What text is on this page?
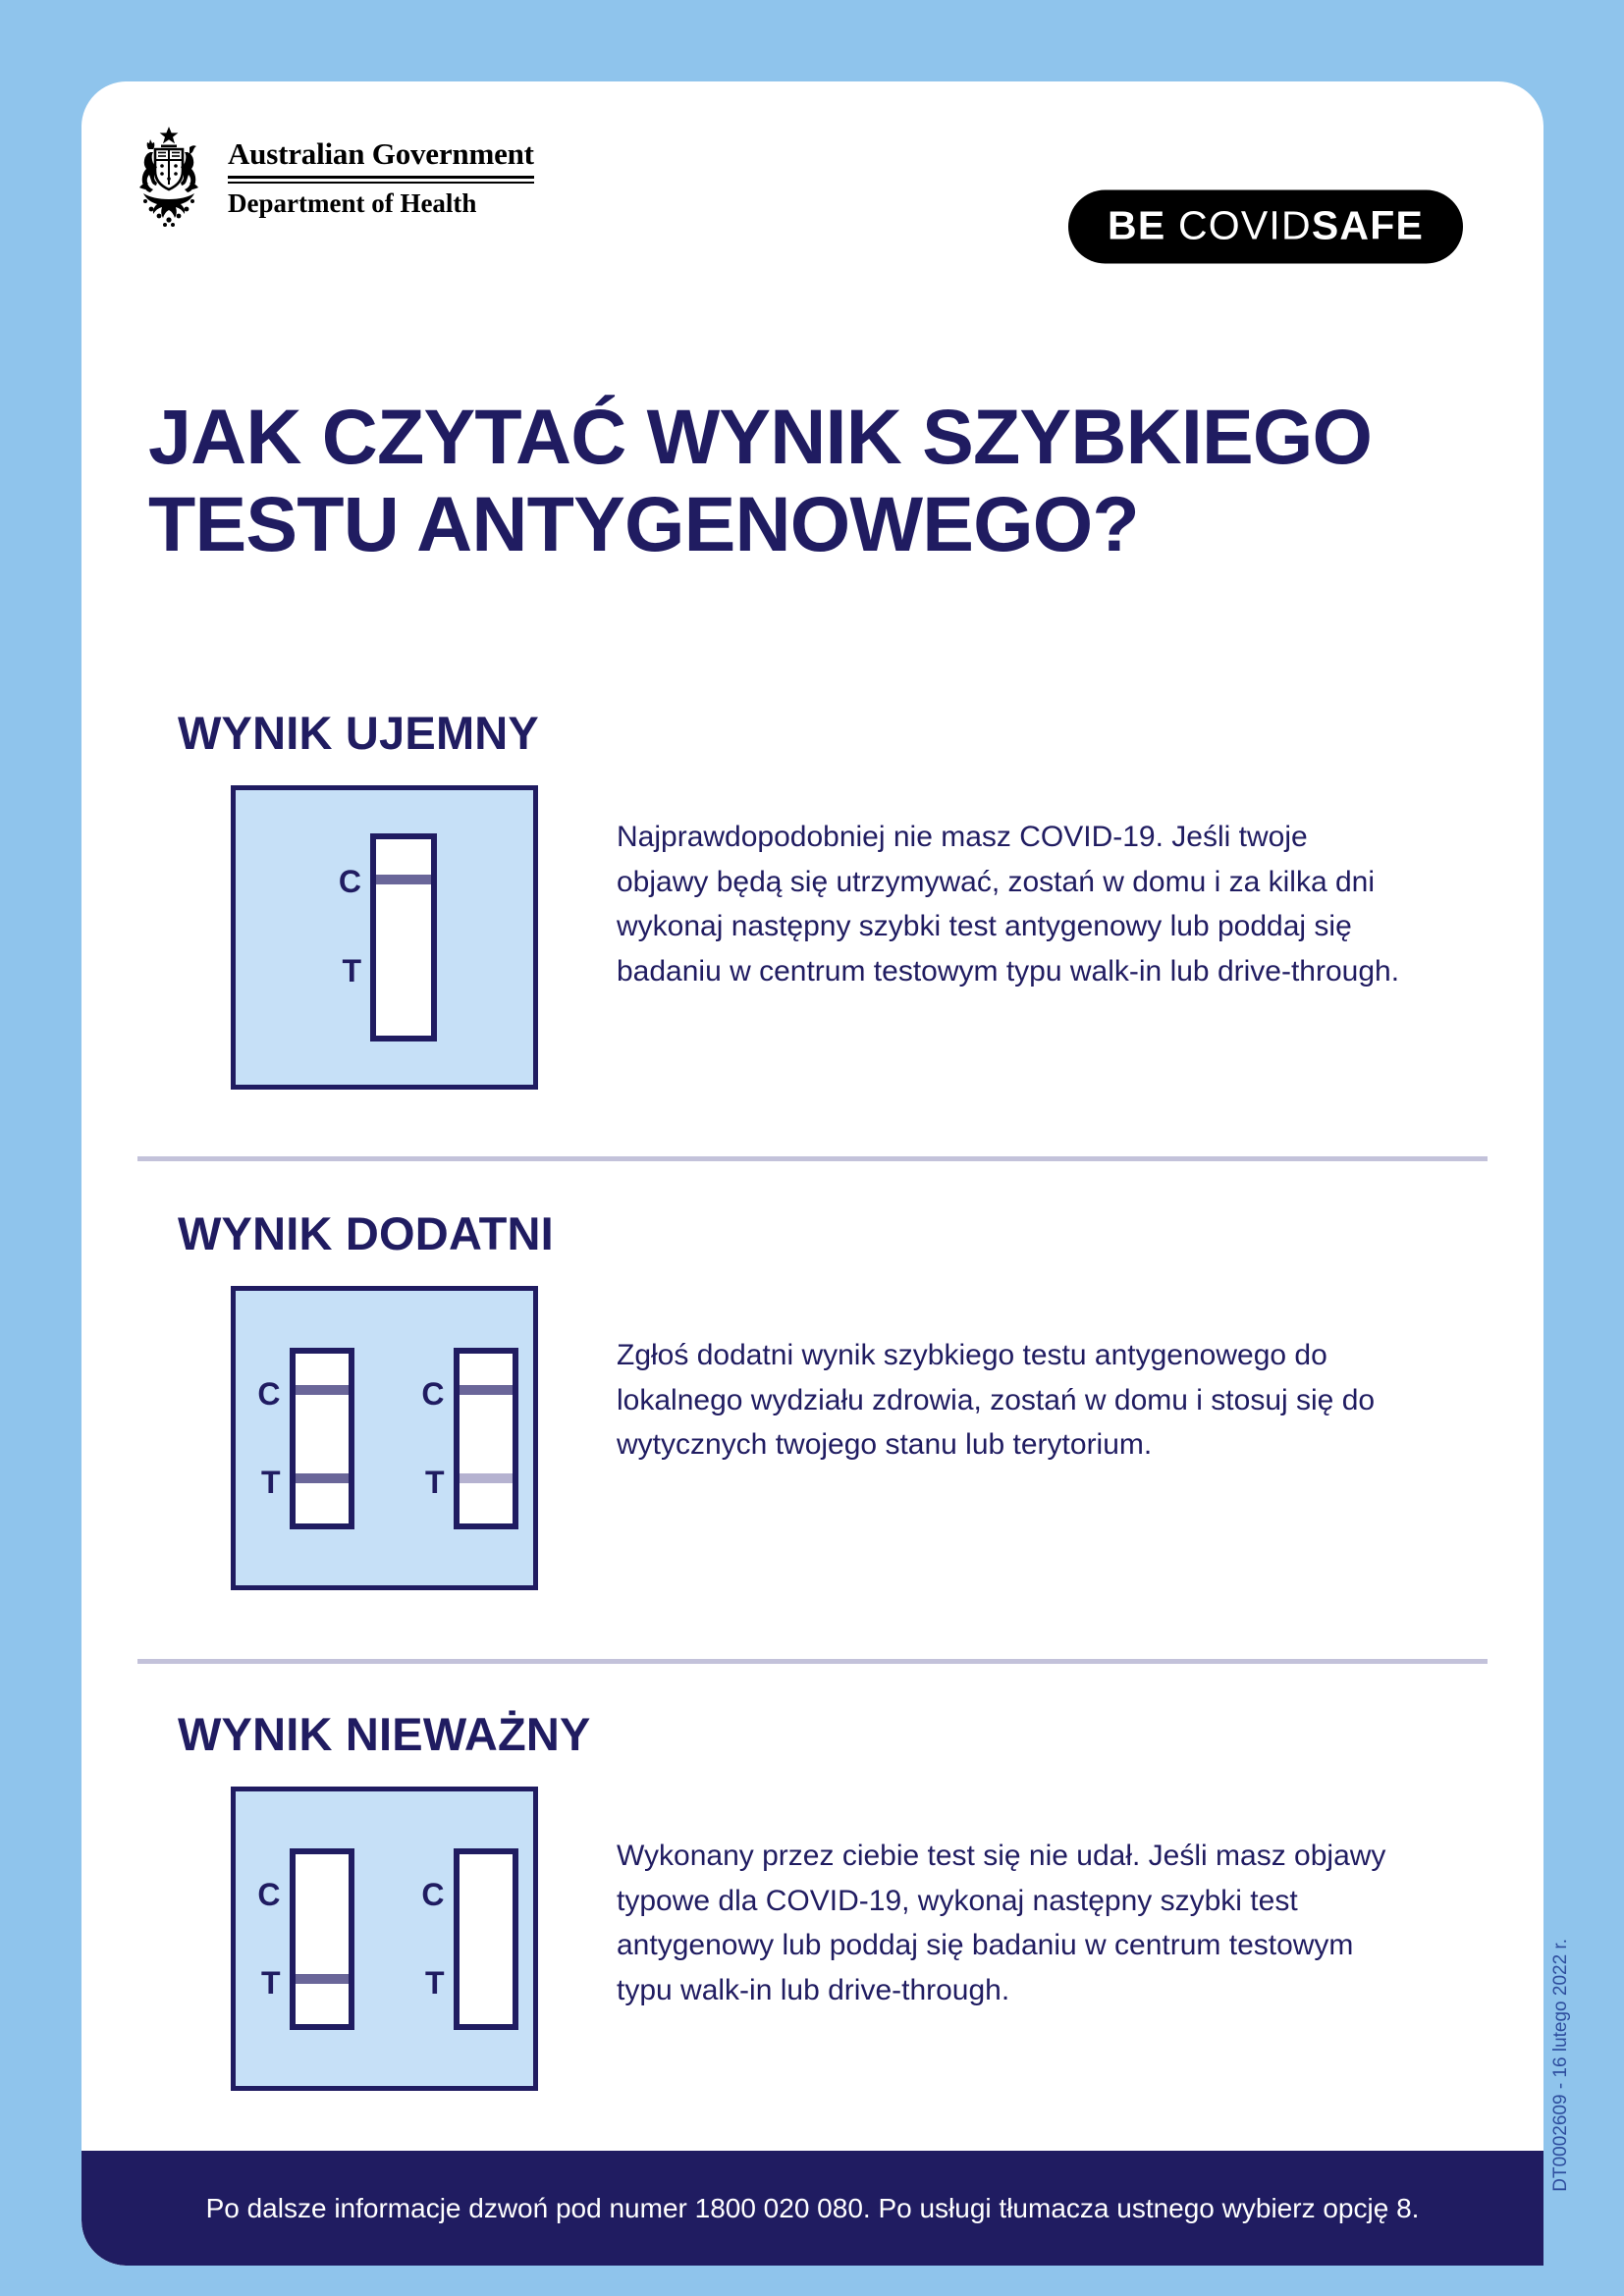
Australian Government
Department of Health	BE COVIDSAFE
JAK CZYTAĆ WYNIK SZYBKIEGO
TESTU ANTYGENOWEGO?
WYNIK UJEMNY
C
T

Najprawdopodobniej nie masz COVID-19. Jeśli twoje objawy będą się utrzymywać, zostań w domu i za kilka dni wykonaj następny szybki test antygenowy lub poddaj się badaniu w centrum testowym typu walk-in lub drive-through.

WYNIK DODATNI
C
T
C
T

Zgłoś dodatni wynik szybkiego testu antygenowego do lokalnego wydziału zdrowia, zostań w domu i stosuj się do wytycznych twojego stanu lub terytorium.

WYNIK NIEWAŻNY
C
T
C
T

Wykonany przez ciebie test się nie udał. Jeśli masz objawy typowe dla COVID-19, wykonaj następny szybki test antygenowy lub poddaj się badaniu w centrum testowym typu walk-in lub drive-through.

Po dalsze informacje dzwoń pod numer 1800 020 080. Po usługi tłumacza ustnego wybierz opcję 8.
DT0002609 - 16 lutego 2022 r.
